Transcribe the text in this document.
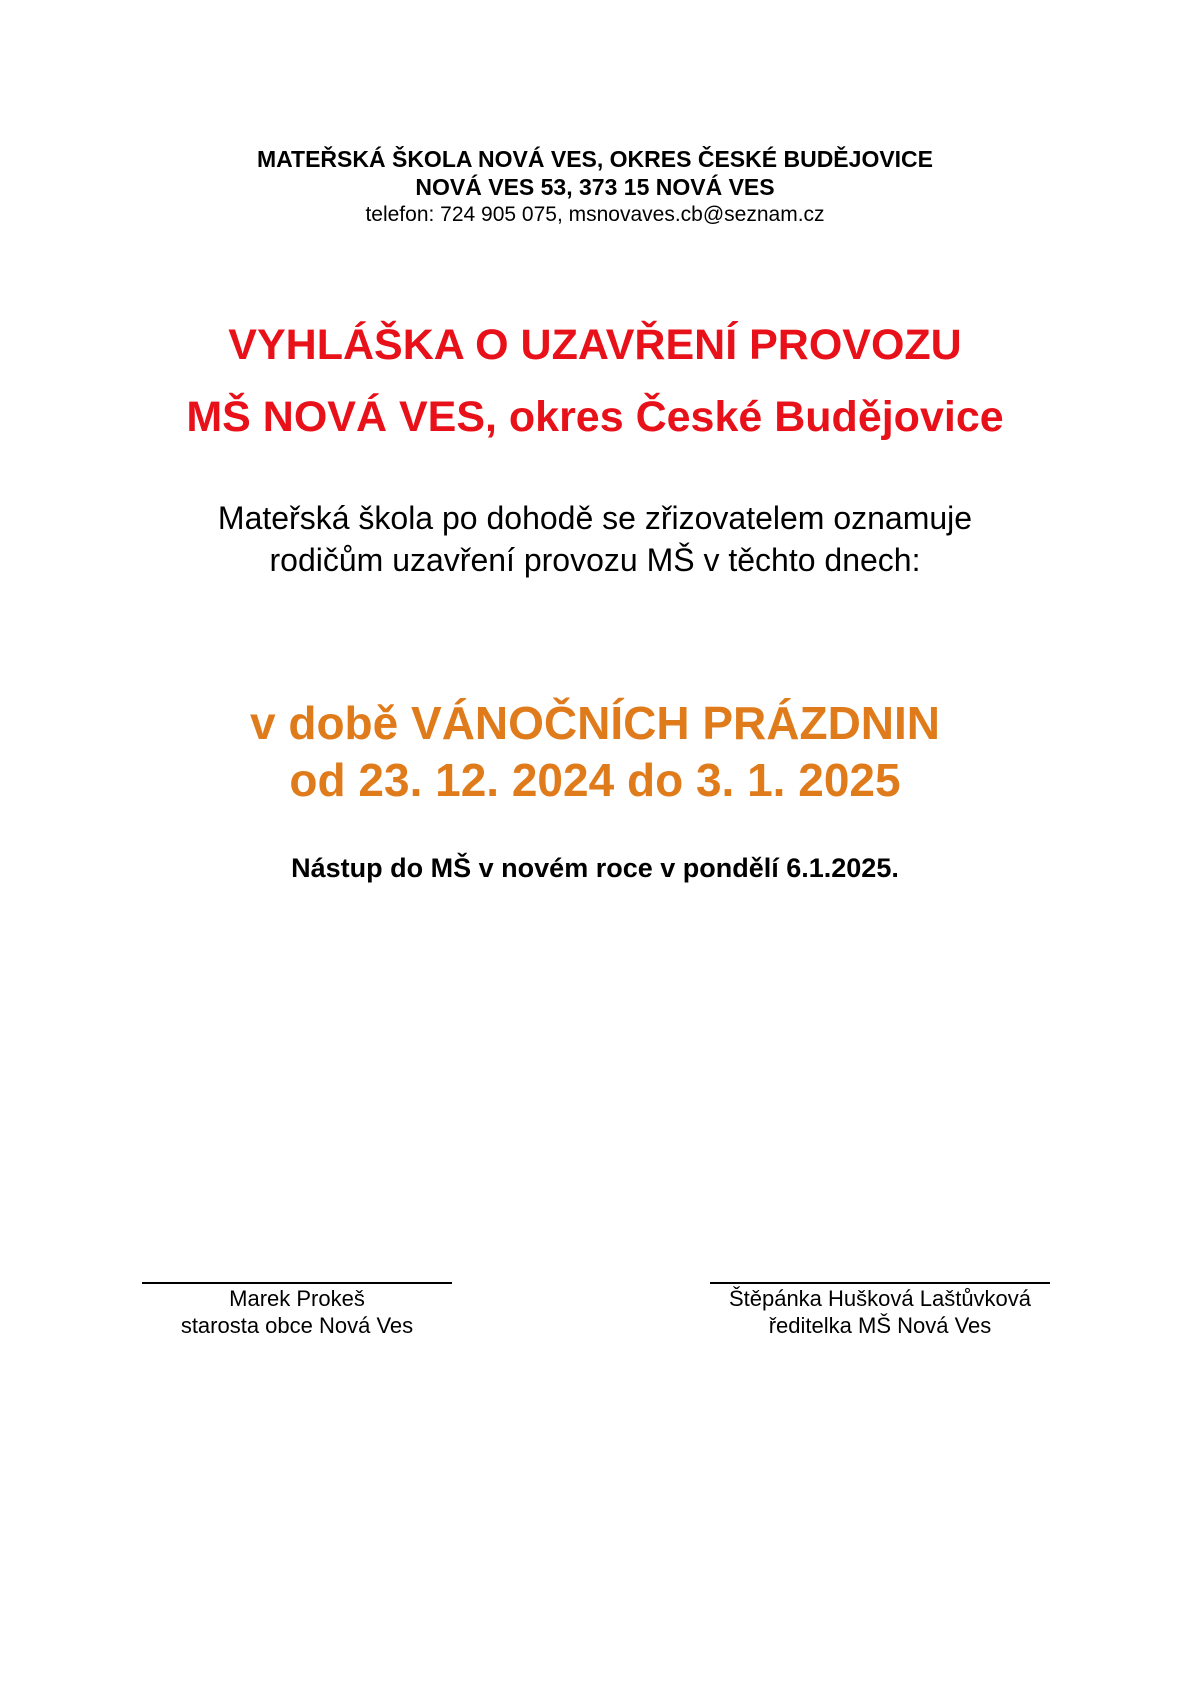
MATEŘSKÁ ŠKOLA NOVÁ VES, OKRES ČESKÉ BUDĚJOVICE
NOVÁ VES 53, 373 15 NOVÁ VES
telefon: 724 905 075, msnovaves.cb@seznam.cz
VYHLÁŠKA O UZAVŘENÍ PROVOZU
MŠ NOVÁ VES, okres České Budějovice
Mateřská škola po dohodě se zřizovatelem oznamuje
rodičům uzavření provozu MŠ v těchto dnech:
v době VÁNOČNÍCH PRÁZDNIN
od 23. 12. 2024 do 3. 1. 2025
Nástup do MŠ v novém roce v pondělí 6.1.2025.
Marek Prokeš
starosta obce Nová Ves
Štěpánka Hušková Laštůvková
ředitelka MŠ Nová Ves
